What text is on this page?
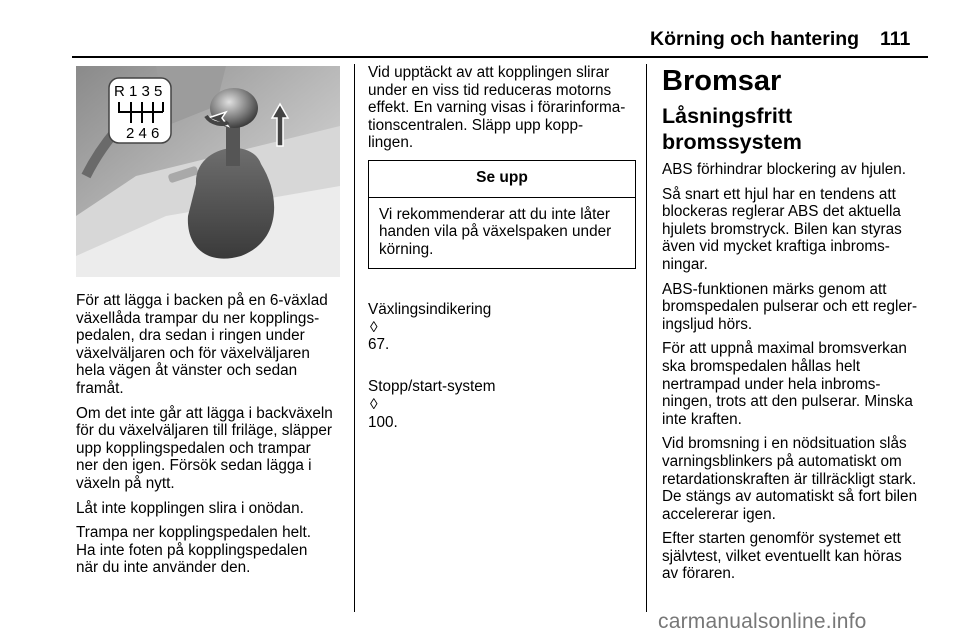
Körning och hantering 111
R 1 3 5
2 4 6

För att lägga i backen på en 6-växlad
växellåda trampar du ner kopplings-
pedalen, dra sedan i ringen under
växelväljaren och för växelväljaren
hela vägen åt vänster och sedan
framåt.

Om det inte går att lägga i backväxeln
för du växelväljaren till friläge, släpper
upp kopplingspedalen och trampar
ner den igen. Försök sedan lägga i
växeln på nytt.

Låt inte kopplingen slira i onödan.

Trampa ner kopplingspedalen helt.
Ha inte foten på kopplingspedalen
när du inte använder den.

Vid upptäckt av att kopplingen slirar
under en viss tid reduceras motorns
effekt. En varning visas i förarinforma-
tionscentralen. Släpp upp kopp-
lingen.

Se upp
Vi rekommenderar att du inte låter
handen vila på växelspaken under
körning.

Växlingsindikering
◊
67.

Stopp/start-system
◊
100.

Bromsar
Låsningsfritt bromssystem

ABS förhindrar blockering av hjulen.

Så snart ett hjul har en tendens att
blockeras reglerar ABS det aktuella
hjulets bromstryck. Bilen kan styras
även vid mycket kraftiga inbroms-
ningar.

ABS-funktionen märks genom att
bromspedalen pulserar och ett regler-
ingsljud hörs.

För att uppnå maximal bromsverkan
ska bromspedalen hållas helt
nertrampad under hela inbroms-
ningen, trots att den pulserar. Minska
inte kraften.

Vid bromsning i en nödsituation slås
varningsblinkers på automatiskt om
retardationskraften är tillräckligt stark.
De stängs av automatiskt så fort bilen
accelererar igen.

Efter starten genomför systemet ett
självtest, vilket eventuellt kan höras
av föraren.

carmanualsonline.info
